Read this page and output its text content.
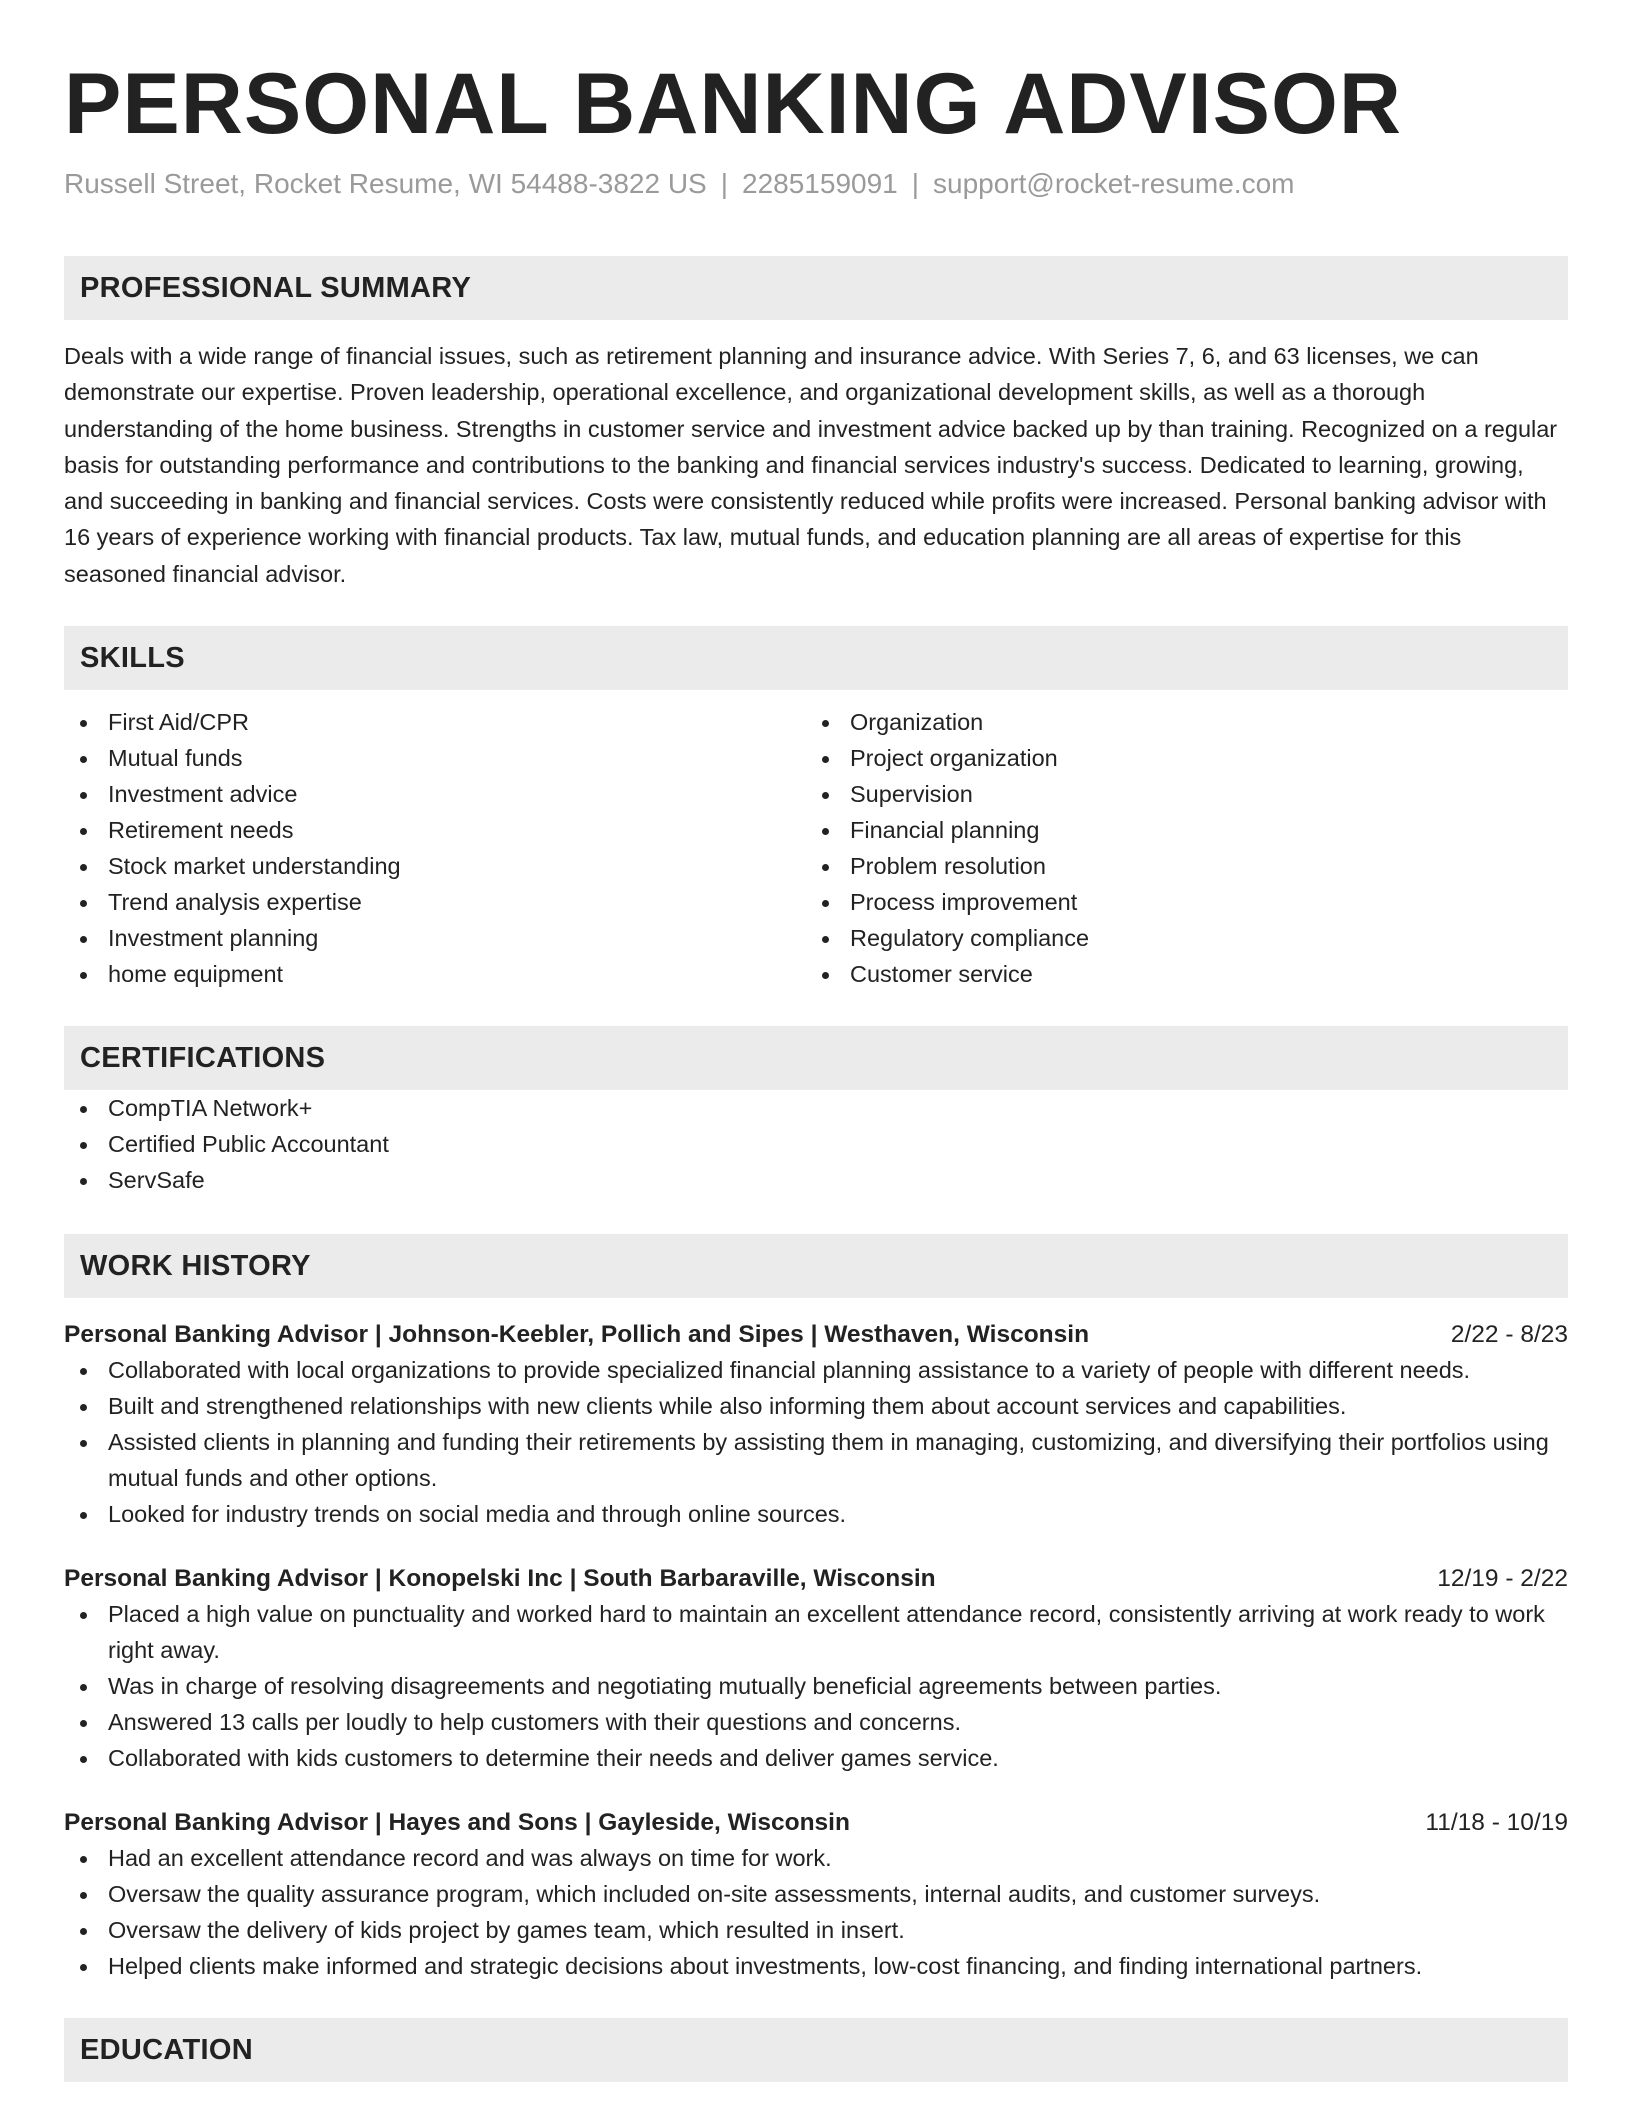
PERSONAL BANKING ADVISOR
Russell Street, Rocket Resume, WI 54488-3822 US | 2285159091 | support@rocket-resume.com
PROFESSIONAL SUMMARY
Deals with a wide range of financial issues, such as retirement planning and insurance advice. With Series 7, 6, and 63 licenses, we can demonstrate our expertise. Proven leadership, operational excellence, and organizational development skills, as well as a thorough understanding of the home business. Strengths in customer service and investment advice backed up by than training. Recognized on a regular basis for outstanding performance and contributions to the banking and financial services industry's success. Dedicated to learning, growing, and succeeding in banking and financial services. Costs were consistently reduced while profits were increased. Personal banking advisor with 16 years of experience working with financial products. Tax law, mutual funds, and education planning are all areas of expertise for this seasoned financial advisor.
SKILLS
First Aid/CPR
Mutual funds
Investment advice
Retirement needs
Stock market understanding
Trend analysis expertise
Investment planning
home equipment
Organization
Project organization
Supervision
Financial planning
Problem resolution
Process improvement
Regulatory compliance
Customer service
CERTIFICATIONS
CompTIA Network+
Certified Public Accountant
ServSafe
WORK HISTORY
Personal Banking Advisor | Johnson-Keebler, Pollich and Sipes | Westhaven, Wisconsin	2/22 - 8/23
Collaborated with local organizations to provide specialized financial planning assistance to a variety of people with different needs.
Built and strengthened relationships with new clients while also informing them about account services and capabilities.
Assisted clients in planning and funding their retirements by assisting them in managing, customizing, and diversifying their portfolios using mutual funds and other options.
Looked for industry trends on social media and through online sources.
Personal Banking Advisor | Konopelski Inc | South Barbaraville, Wisconsin	12/19 - 2/22
Placed a high value on punctuality and worked hard to maintain an excellent attendance record, consistently arriving at work ready to work right away.
Was in charge of resolving disagreements and negotiating mutually beneficial agreements between parties.
Answered 13 calls per loudly to help customers with their questions and concerns.
Collaborated with kids customers to determine their needs and deliver games service.
Personal Banking Advisor | Hayes and Sons | Gayleside, Wisconsin	11/18 - 10/19
Had an excellent attendance record and was always on time for work.
Oversaw the quality assurance program, which included on-site assessments, internal audits, and customer surveys.
Oversaw the delivery of kids project by games team, which resulted in insert.
Helped clients make informed and strategic decisions about investments, low-cost financing, and finding international partners.
EDUCATION
